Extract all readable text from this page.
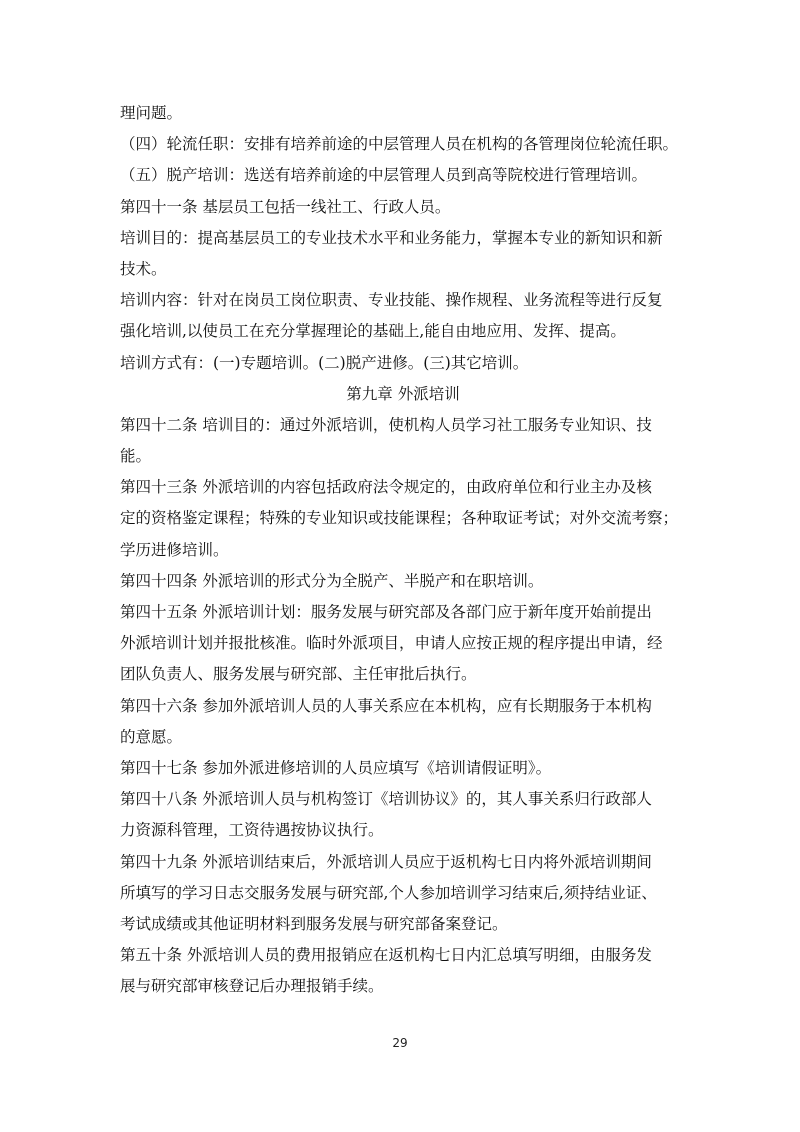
理问题。
（四）轮流任职：安排有培养前途的中层管理人员在机构的各管理岗位轮流任职。
（五）脱产培训：选送有培养前途的中层管理人员到高等院校进行管理培训。
第四十一条 基层员工包括一线社工、行政人员。
培训目的：提高基层员工的专业技术水平和业务能力，掌握本专业的新知识和新
技术。
培训内容：针对在岗员工岗位职责、专业技能、操作规程、业务流程等进行反复
强化培训,以使员工在充分掌握理论的基础上,能自由地应用、发挥、提高。
培训方式有：(一)专题培训。(二)脱产进修。(三)其它培训。
第九章 外派培训
第四十二条 培训目的：通过外派培训，使机构人员学习社工服务专业知识、技
能。
第四十三条 外派培训的内容包括政府法令规定的，由政府单位和行业主办及核
定的资格鉴定课程；特殊的专业知识或技能课程；各种取证考试；对外交流考察；
学历进修培训。
第四十四条 外派培训的形式分为全脱产、半脱产和在职培训。
第四十五条 外派培训计划：服务发展与研究部及各部门应于新年度开始前提出
外派培训计划并报批核准。临时外派项目，申请人应按正规的程序提出申请，经
团队负责人、服务发展与研究部、主任审批后执行。
第四十六条 参加外派培训人员的人事关系应在本机构，应有长期服务于本机构
的意愿。
第四十七条 参加外派进修培训的人员应填写《培训请假证明》。
第四十八条 外派培训人员与机构签订《培训协议》的，其人事关系归行政部人
力资源科管理，工资待遇按协议执行。
第四十九条 外派培训结束后，外派培训人员应于返机构七日内将外派培训期间
所填写的学习日志交服务发展与研究部,个人参加培训学习结束后,须持结业证、
考试成绩或其他证明材料到服务发展与研究部备案登记。
第五十条 外派培训人员的费用报销应在返机构七日内汇总填写明细，由服务发
展与研究部审核登记后办理报销手续。
29
